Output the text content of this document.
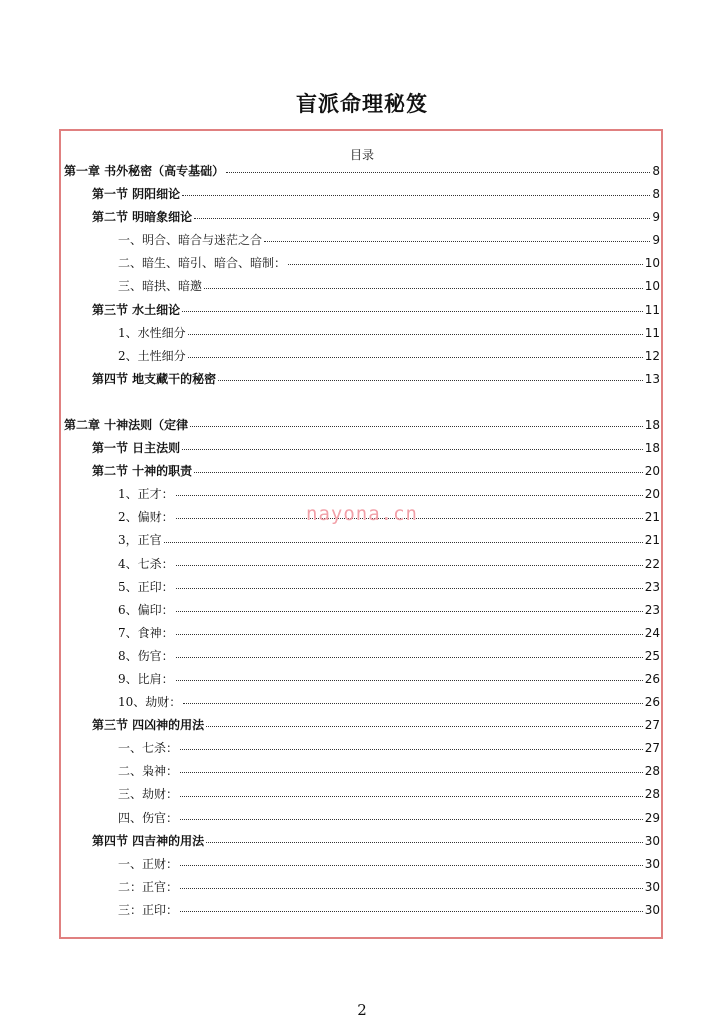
盲派命理秘笈
目录
第一章 书外秘密（高专基础）	8
第一节 阴阳细论	8
第二节 明暗象细论	9
一、明合、暗合与迷茫之合	9
二、暗生、暗引、暗合、暗制：	10
三、暗拱、暗邀	10
第三节 水土细论	11
1、水性细分	11
2、土性细分	12
第四节 地支藏干的秘密	13
第二章 十神法则（定律	18
第一节 日主法则	18
第二节 十神的职责	20
1、正才：	20
2、偏财：	21
3，正官	21
4、七杀：	22
5、正印：	23
6、偏印：	23
7、食神：	24
8、伤官：	25
9、比肩：	26
10、劫财：	26
第三节 四凶神的用法	27
一、七杀：	27
二、枭神：	28
三、劫财：	28
四、伤官：	29
第四节 四吉神的用法	30
一、正财：	30
二：正官：	30
三：正印：	30
nayona.cn
2
